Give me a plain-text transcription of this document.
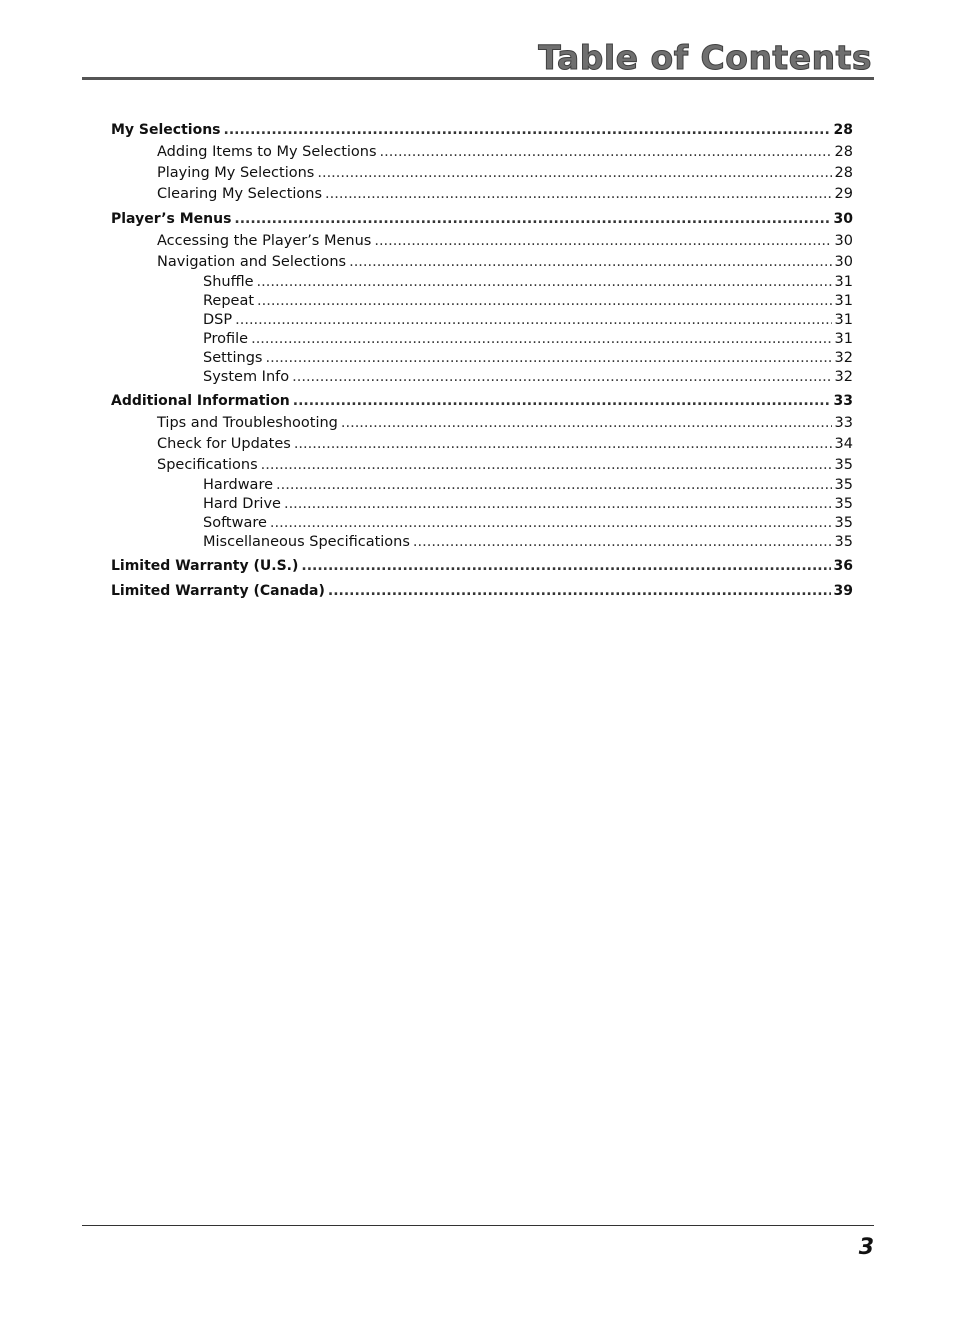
Table of Contents
My Selections .....	28
Adding Items to My Selections .....	28
Playing My Selections .....	28
Clearing My Selections .....	29
Player’s Menus .....	30
Accessing the Player’s Menus .....	30
Navigation and Selections .....	30
Shuffle .....	31
Repeat .....	31
DSP .....	31
Profile .....	31
Settings .....	32
System Info .....	32
Additional Information .....	33
Tips and Troubleshooting .....	33
Check for Updates .....	34
Specifications .....	35
Hardware .....	35
Hard Drive .....	35
Software .....	35
Miscellaneous Specifications .....	35
Limited Warranty (U.S.) .....	36
Limited Warranty (Canada) .....	39

3
